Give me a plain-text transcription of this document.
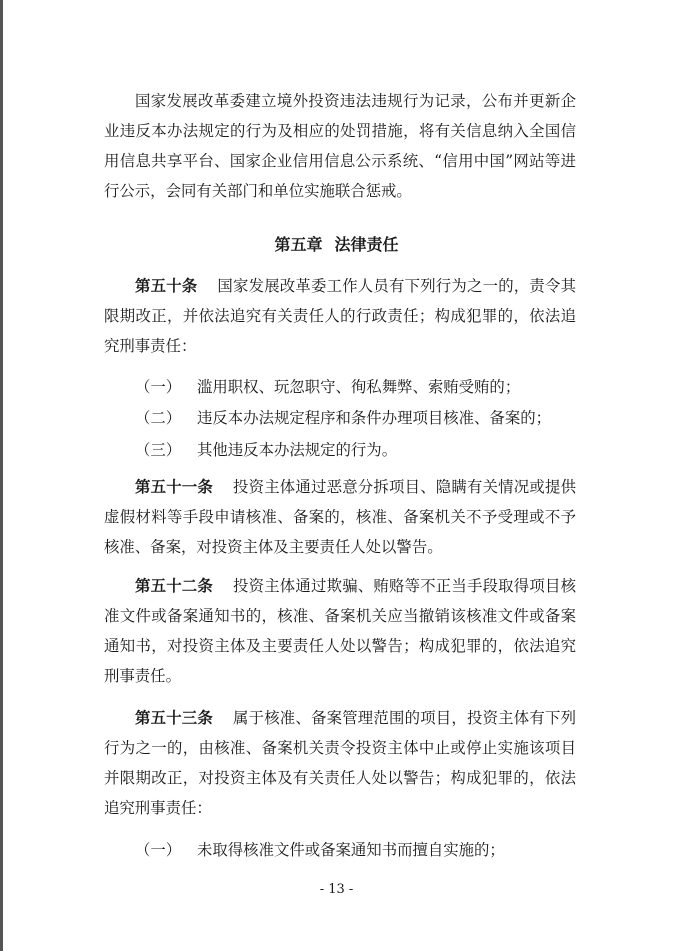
国家发展改革委建立境外投资违法违规行为记录，公布并更新企业违反本办法规定的行为及相应的处罚措施，将有关信息纳入全国信用信息共享平台、国家企业信用信息公示系统、“信用中国”网站等进行公示，会同有关部门和单位实施联合惩戒。

第五章 法律责任

第五十条 国家发展改革委工作人员有下列行为之一的，责令其限期改正，并依法追究有关责任人的行政责任；构成犯罪的，依法追究刑事责任：

（一） 滥用职权、玩忽职守、徇私舞弊、索贿受贿的；

（二） 违反本办法规定程序和条件办理项目核准、备案的；

（三） 其他违反本办法规定的行为。

第五十一条 投资主体通过恶意分拆项目、隐瞒有关情况或提供虚假材料等手段申请核准、备案的，核准、备案机关不予受理或不予核准、备案，对投资主体及主要责任人处以警告。

第五十二条 投资主体通过欺骗、贿赂等不正当手段取得项目核准文件或备案通知书的，核准、备案机关应当撤销该核准文件或备案通知书，对投资主体及主要责任人处以警告；构成犯罪的，依法追究刑事责任。

第五十三条 属于核准、备案管理范围的项目，投资主体有下列行为之一的，由核准、备案机关责令投资主体中止或停止实施该项目并限期改正，对投资主体及有关责任人处以警告；构成犯罪的，依法追究刑事责任：

（一） 未取得核准文件或备案通知书而擅自实施的；

- 13 -
